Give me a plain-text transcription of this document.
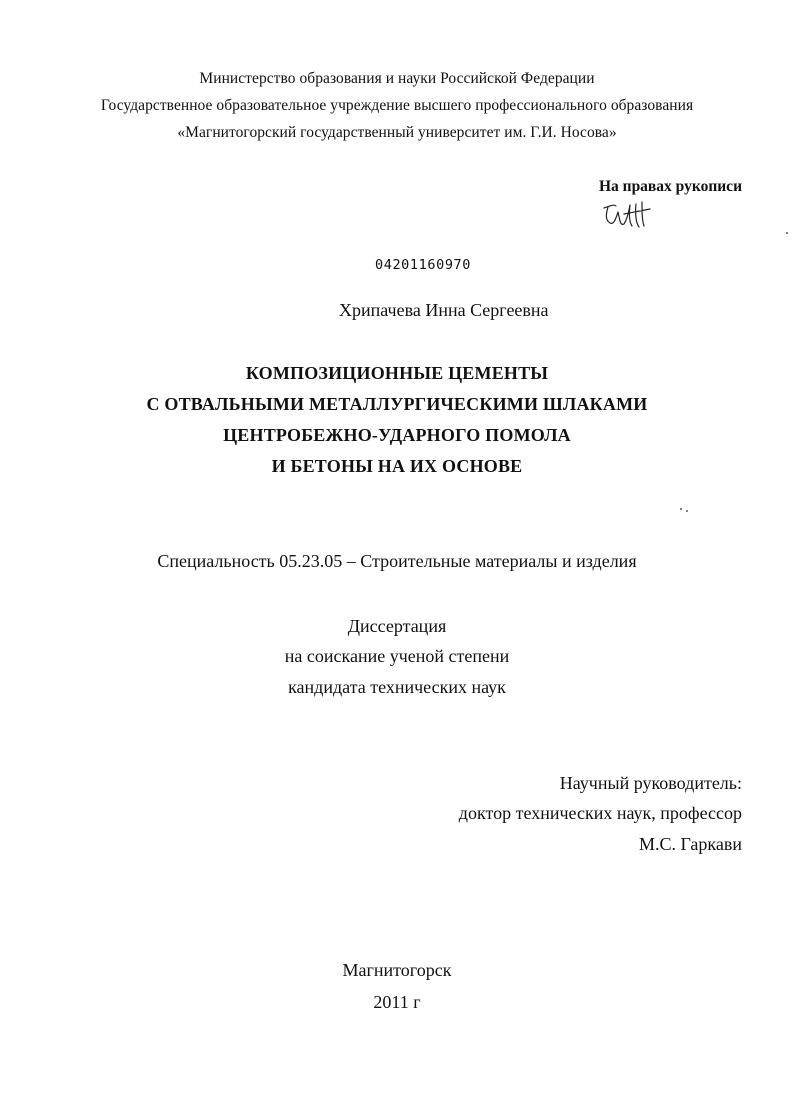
Министерство образования и науки Российской Федерации

Государственное образовательное учреждение высшего профессионального образования

«Магнитогорский государственный университет им. Г.И. Носова»

На правах рукописи

04201160970

Хрипачева Инна Сергеевна

КОМПОЗИЦИОННЫЕ ЦЕМЕНТЫ

С ОТВАЛЬНЫМИ МЕТАЛЛУРГИЧЕСКИМИ ШЛАКАМИ

ЦЕНТРОБЕЖНО-УДАРНОГО ПОМОЛА

И БЕТОНЫ НА ИХ ОСНОВЕ

Специальность 05.23.05 – Строительные материалы и изделия

Диссертация

на соискание ученой степени

кандидата технических наук

Научный руководитель:

доктор технических наук, профессор

М.С. Гаркави

Магнитогорск

2011 г
